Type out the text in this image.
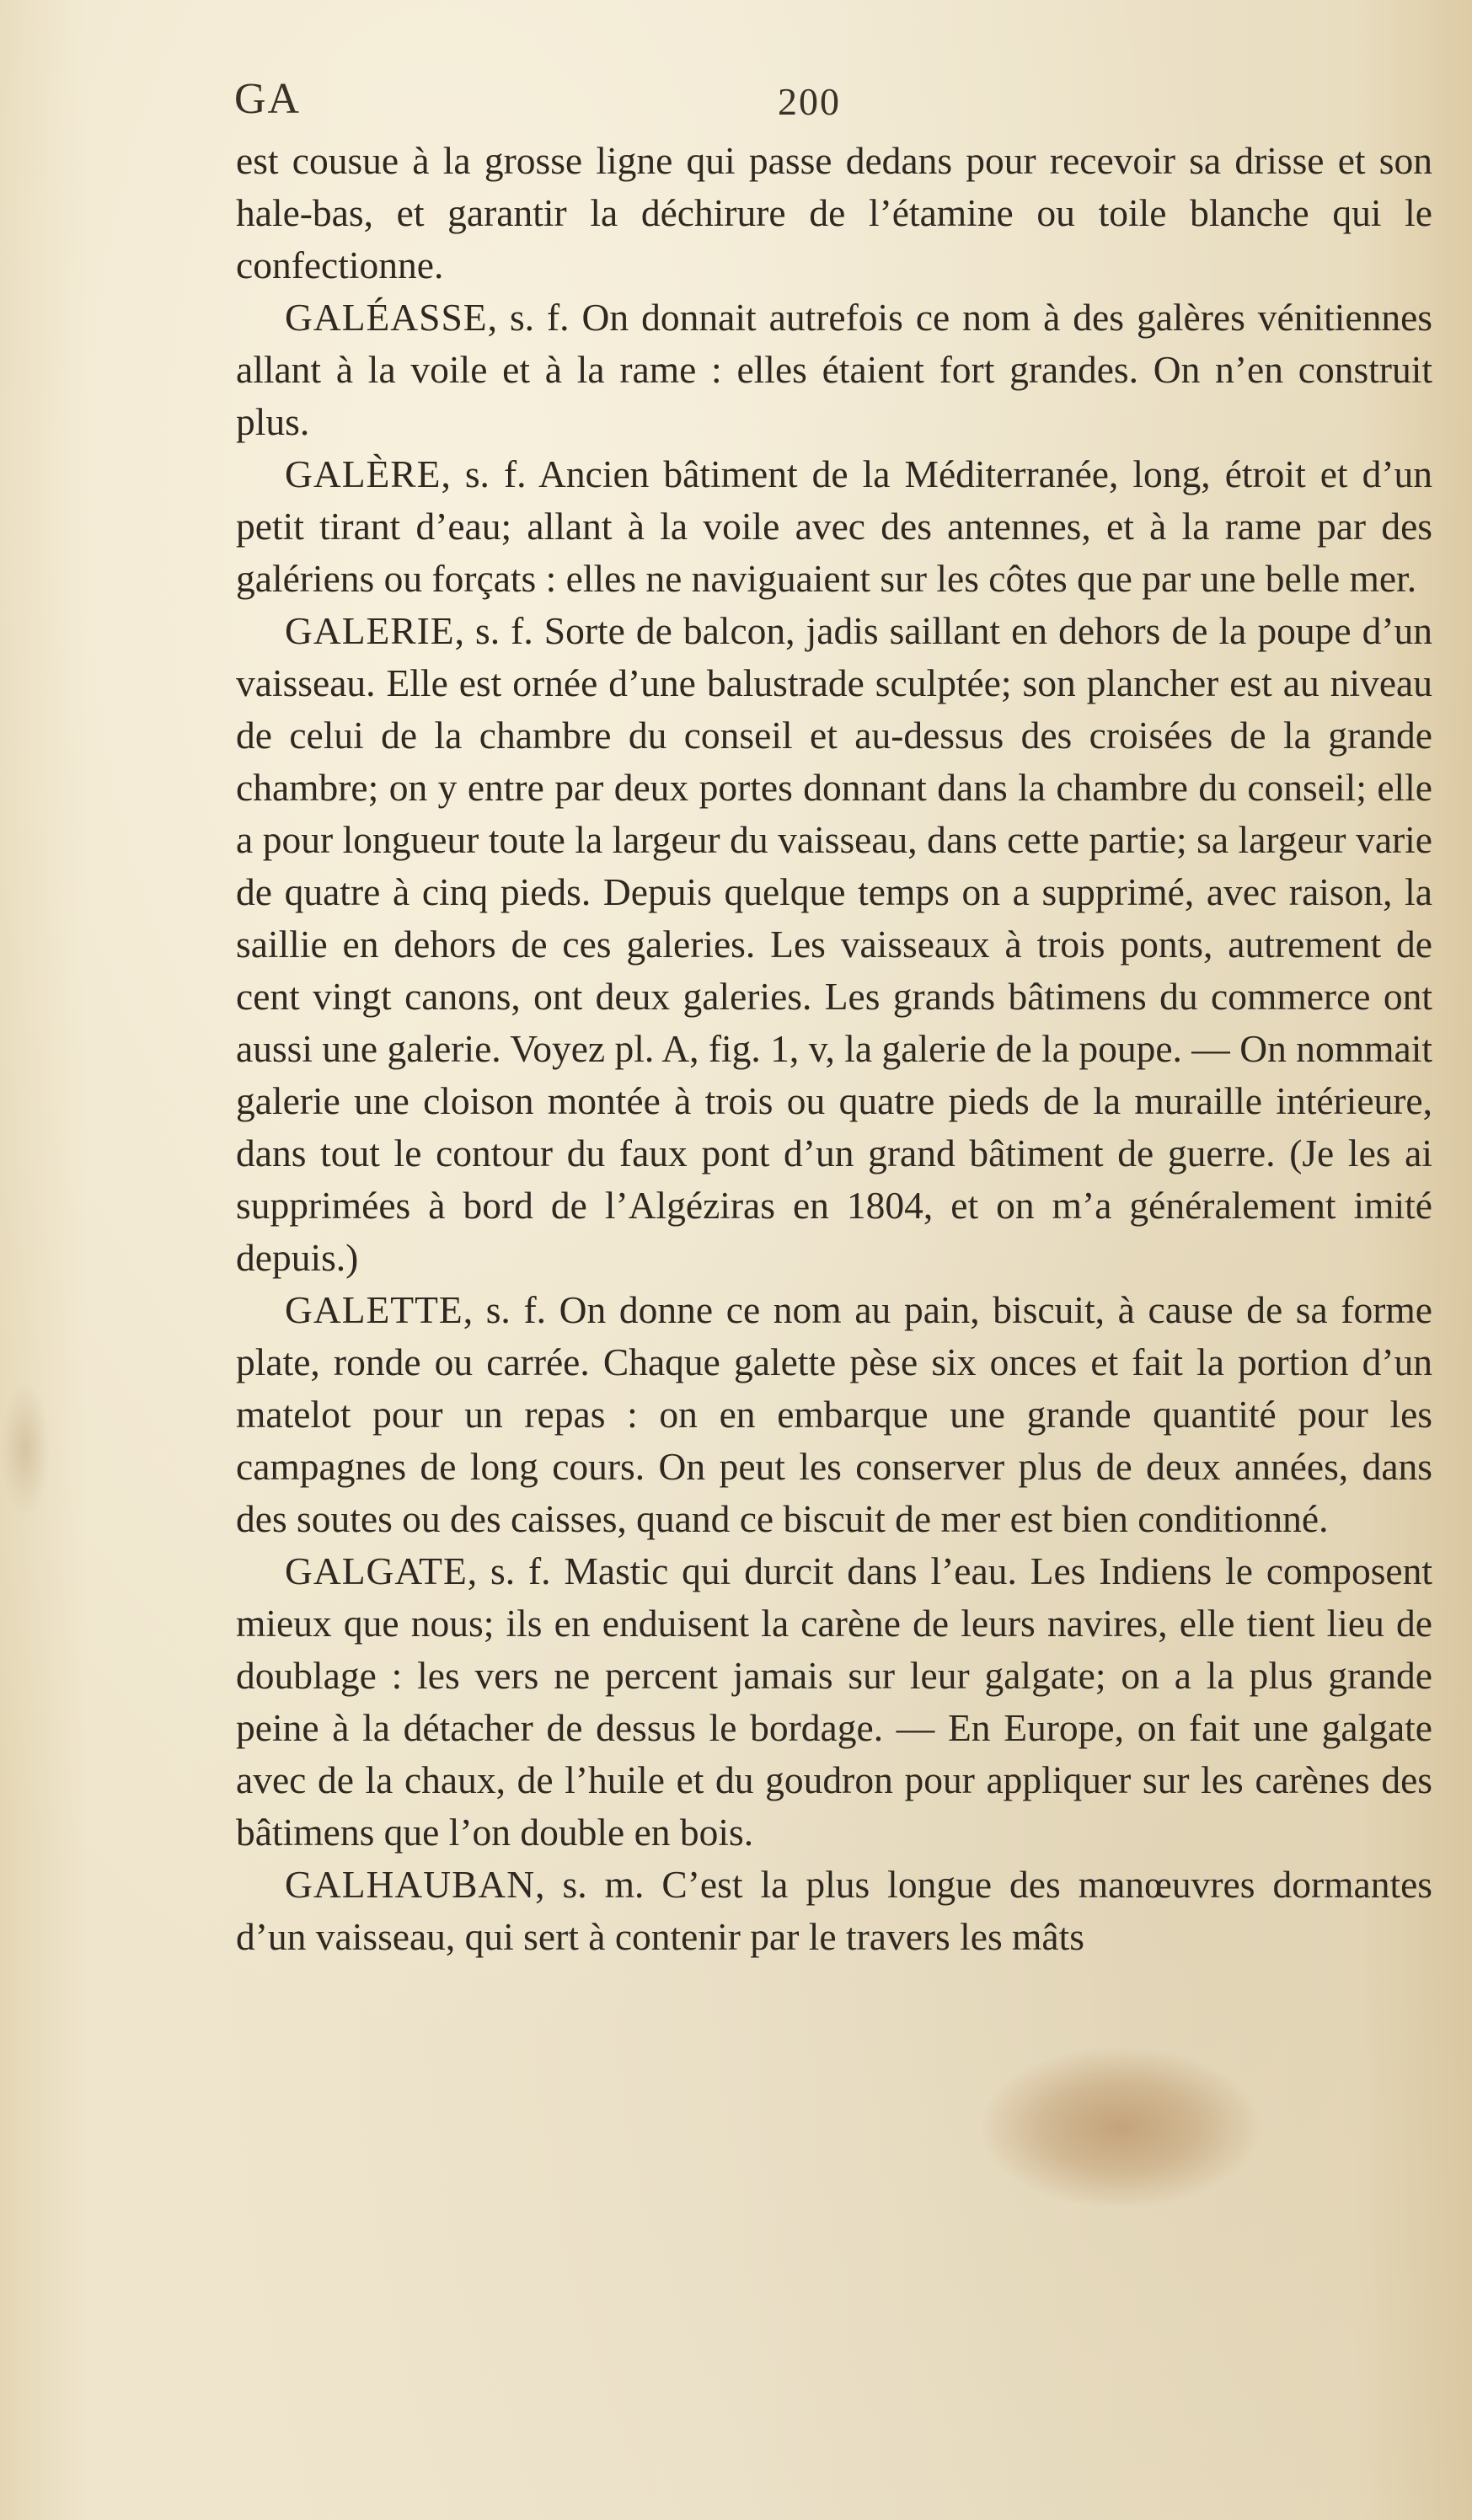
GA	200

est cousue à la grosse ligne qui passe dedans pour recevoir sa drisse et son hale-bas, et garantir la déchirure de l’étamine ou toile blanche qui le confectionne.

GALÉASSE, s. f. On donnait autrefois ce nom à des galères vénitiennes allant à la voile et à la rame : elles étaient fort grandes. On n’en construit plus.

GALÈRE, s. f. Ancien bâtiment de la Méditerranée, long, étroit et d’un petit tirant d’eau; allant à la voile avec des antennes, et à la rame par des galériens ou forçats : elles ne naviguaient sur les côtes que par une belle mer.

GALERIE, s. f. Sorte de balcon, jadis saillant en dehors de la poupe d’un vaisseau. Elle est ornée d’une balustrade sculptée; son plancher est au niveau de celui de la chambre du conseil et au-dessus des croisées de la grande chambre; on y entre par deux portes donnant dans la chambre du conseil; elle a pour longueur toute la largeur du vaisseau, dans cette partie; sa largeur varie de quatre à cinq pieds. Depuis quelque temps on a supprimé, avec raison, la saillie en dehors de ces galeries. Les vaisseaux à trois ponts, autrement de cent vingt canons, ont deux galeries. Les grands bâtimens du commerce ont aussi une galerie. Voyez pl. A, fig. 1, v, la galerie de la poupe. — On nommait galerie une cloison montée à trois ou quatre pieds de la muraille intérieure, dans tout le contour du faux pont d’un grand bâtiment de guerre. (Je les ai supprimées à bord de l’Algéziras en 1804, et on m’a généralement imité depuis.)

GALETTE, s. f. On donne ce nom au pain, biscuit, à cause de sa forme plate, ronde ou carrée. Chaque galette pèse six onces et fait la portion d’un matelot pour un repas : on en embarque une grande quantité pour les campagnes de long cours. On peut les conserver plus de deux années, dans des soutes ou des caisses, quand ce biscuit de mer est bien conditionné.

GALGATE, s. f. Mastic qui durcit dans l’eau. Les Indiens le composent mieux que nous; ils en enduisent la carène de leurs navires, elle tient lieu de doublage : les vers ne percent jamais sur leur galgate; on a la plus grande peine à la détacher de dessus le bordage. — En Europe, on fait une galgate avec de la chaux, de l’huile et du goudron pour appliquer sur les carènes des bâtimens que l’on double en bois.

GALHAUBAN, s. m. C’est la plus longue des manœuvres dormantes d’un vaisseau, qui sert à contenir par le travers les mâts
